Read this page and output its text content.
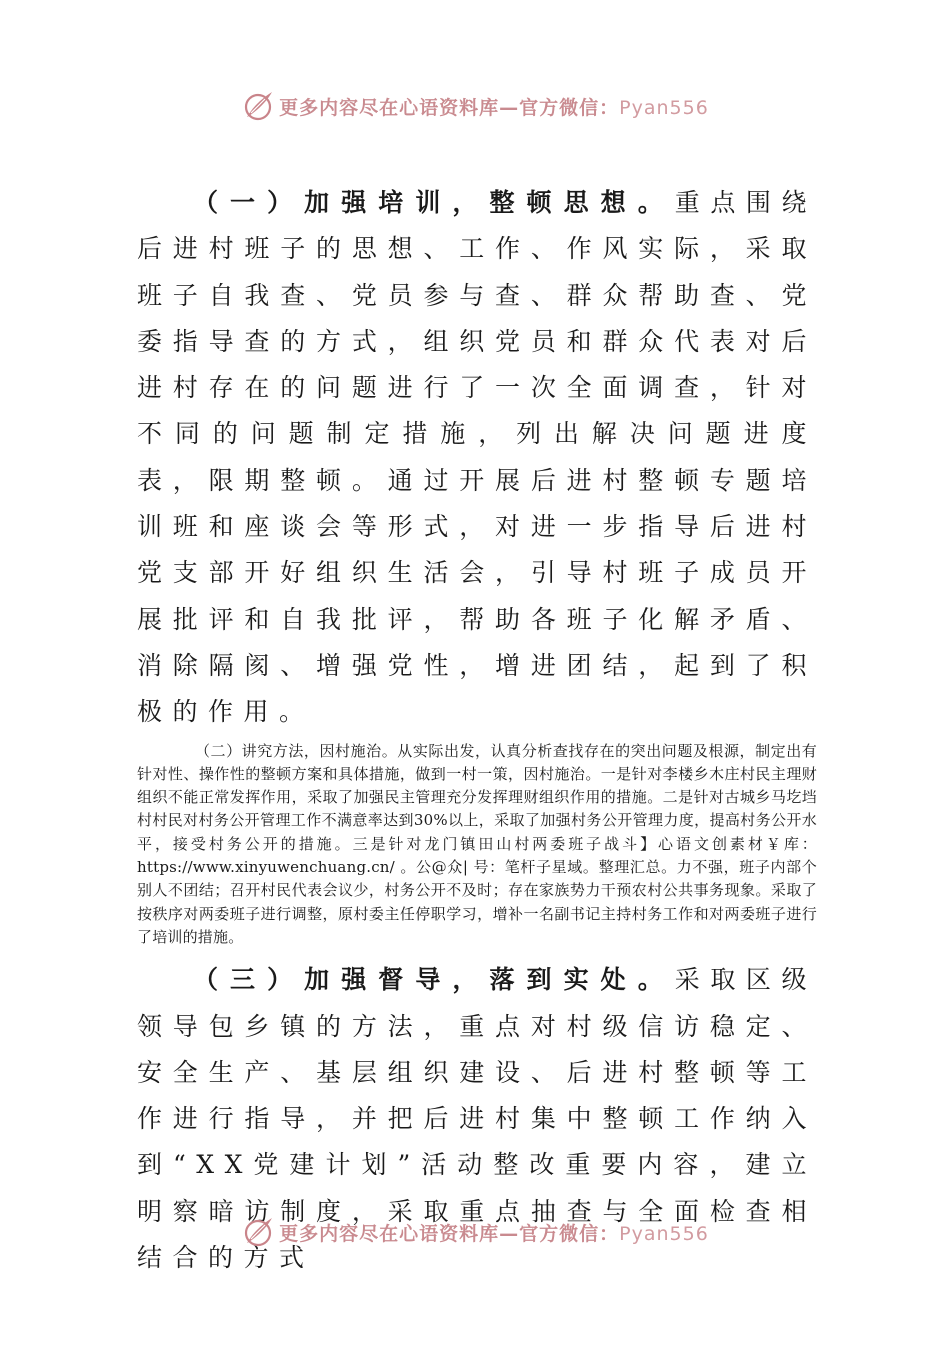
更多内容尽在心语资料库—官方微信：Pyan556

（一）加强培训，整顿思想。重点围绕后进村班子的思想、工作、作风实际，采取班子自我查、党员参与查、群众帮助查、党委指导查的方式，组织党员和群众代表对后进村存在的问题进行了一次全面调查，针对不同的问题制定措施，列出解决问题进度表，限期整顿。通过开展后进村整顿专题培训班和座谈会等形式，对进一步指导后进村党支部开好组织生活会，引导村班子成员开展批评和自我批评，帮助各班子化解矛盾、消除隔阂、增强党性，增进团结，起到了积极的作用。

（二）讲究方法，因村施治。从实际出发，认真分析查找存在的突出问题及根源，制定出有针对性、操作性的整顿方案和具体措施，做到一村一策，因村施治。一是针对李楼乡木庄村民主理财组织不能正常发挥作用，采取了加强民主管理充分发挥理财组织作用的措施。二是针对古城乡马圪垱村村民对村务公开管理工作不满意率达到30%以上，采取了加强村务公开管理力度，提高村务公开水平，接受村务公开的措施。三是针对龙门镇田山村两委班子战斗】心语文创素材￥库：https://www.xinyuwenchuang.cn/ 。公@众| 号：笔杆子星域。整理汇总。力不强，班子内部个别人不团结；召开村民代表会议少，村务公开不及时；存在家族势力干预农村公共事务现象。采取了按秩序对两委班子进行调整，原村委主任停职学习，增补一名副书记主持村务工作和对两委班子进行了培训的措施。

（三）加强督导，落到实处。采取区级领导包乡镇的方法，重点对村级信访稳定、安全生产、基层组织建设、后进村整顿等工作进行指导，并把后进村集中整顿工作纳入到“XX党建计划”活动整改重要内容，建立明察暗访制度，采取重点抽查与全面检查相结合的方式

更多内容尽在心语资料库—官方微信：Pyan556
